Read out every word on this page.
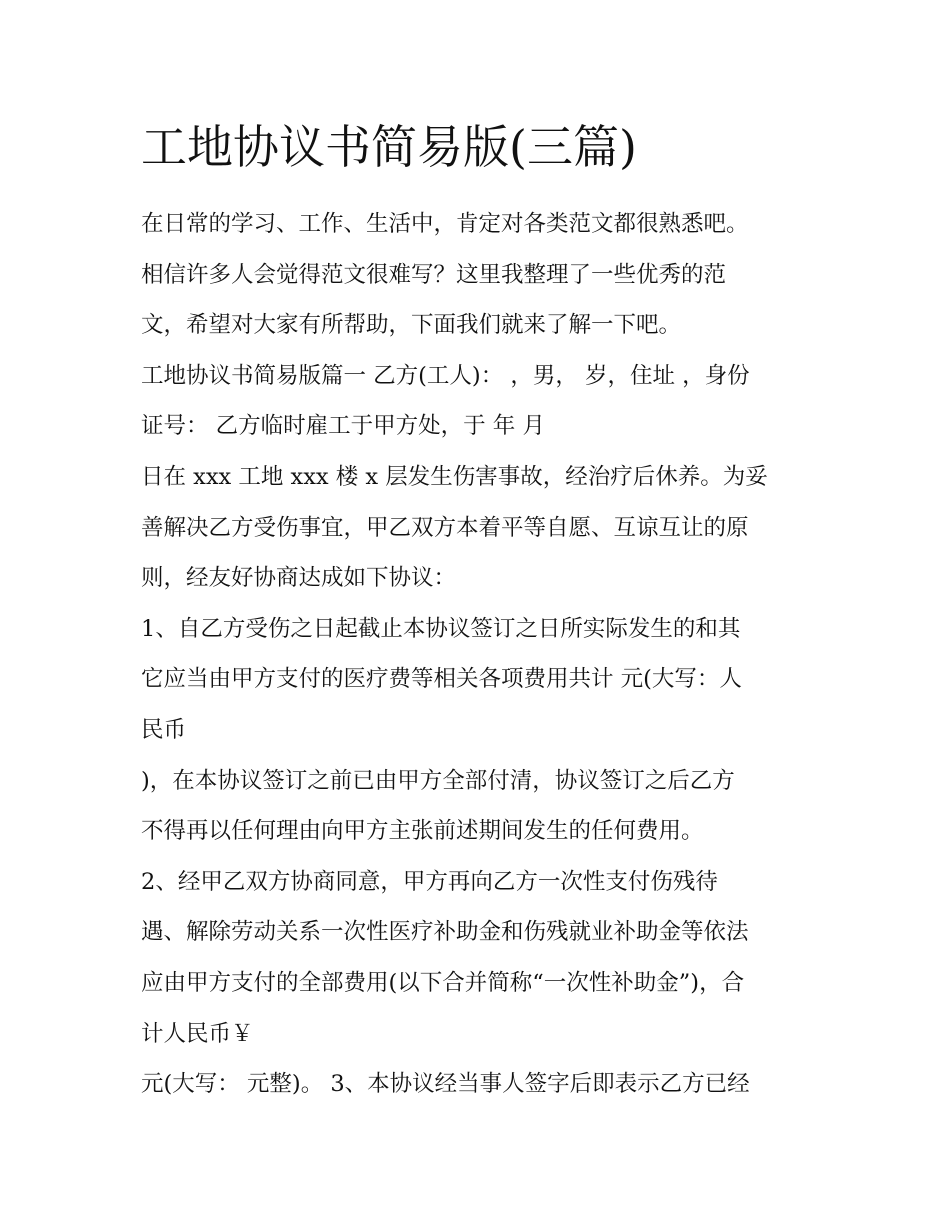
工地协议书简易版(三篇)
在日常的学习、工作、生活中，肯定对各类范文都很熟悉吧。
相信许多人会觉得范文很难写？这里我整理了一些优秀的范
文，希望对大家有所帮助，下面我们就来了解一下吧。
工地协议书简易版篇一 乙方(工人)： ，男， 岁，住址 ，身份
证号： 乙方临时雇工于甲方处，于 年 月
日在 xxx 工地 xxx 楼 x 层发生伤害事故，经治疗后休养。为妥
善解决乙方受伤事宜，甲乙双方本着平等自愿、互谅互让的原
则，经友好协商达成如下协议：
1、自乙方受伤之日起截止本协议签订之日所实际发生的和其
它应当由甲方支付的医疗费等相关各项费用共计 元(大写：人
民币
)，在本协议签订之前已由甲方全部付清，协议签订之后乙方
不得再以任何理由向甲方主张前述期间发生的任何费用。
2、经甲乙双方协商同意，甲方再向乙方一次性支付伤残待
遇、解除劳动关系一次性医疗补助金和伤残就业补助金等依法
应由甲方支付的全部费用(以下合并简称“一次性补助金”)，合
计人民币￥
元(大写： 元整)。 3、本协议经当事人签字后即表示乙方已经
